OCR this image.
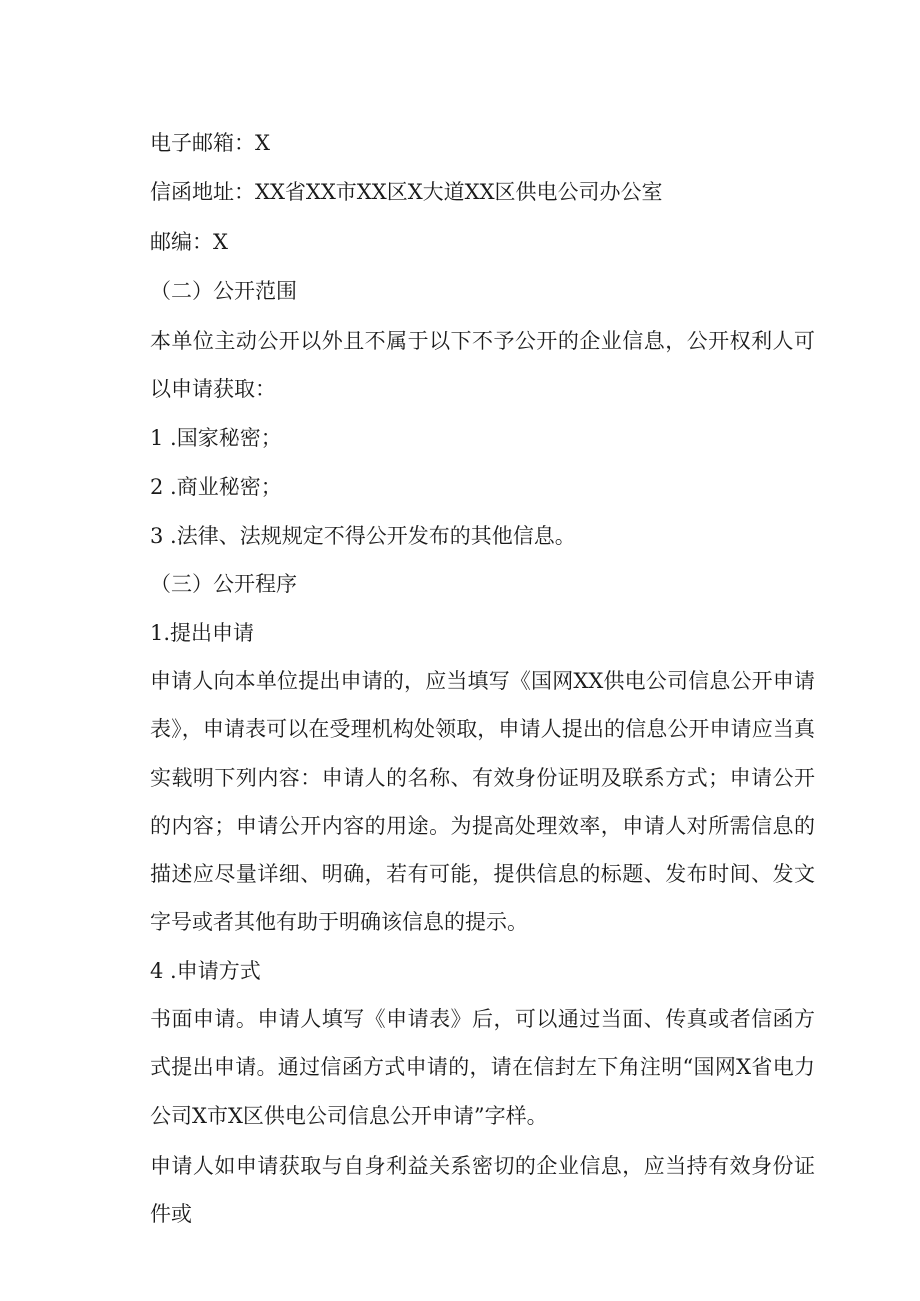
电子邮箱：X
信函地址：XX省XX市XX区X大道XX区供电公司办公室
邮编：X
（二）公开范围
本单位主动公开以外且不属于以下不予公开的企业信息，公开权利人可以申请获取：
1 .国家秘密；
2 .商业秘密；
3 .法律、法规规定不得公开发布的其他信息。
（三）公开程序
1.提出申请
申请人向本单位提出申请的，应当填写《国网XX供电公司信息公开申请表》，申请表可以在受理机构处领取，申请人提出的信息公开申请应当真实载明下列内容：申请人的名称、有效身份证明及联系方式；申请公开的内容；申请公开内容的用途。为提高处理效率，申请人对所需信息的描述应尽量详细、明确，若有可能，提供信息的标题、发布时间、发文字号或者其他有助于明确该信息的提示。
4 .申请方式
书面申请。申请人填写《申请表》后，可以通过当面、传真或者信函方式提出申请。通过信函方式申请的，请在信封左下角注明“国网X省电力公司X市X区供电公司信息公开申请”字样。
申请人如申请获取与自身利益关系密切的企业信息，应当持有效身份证件或
